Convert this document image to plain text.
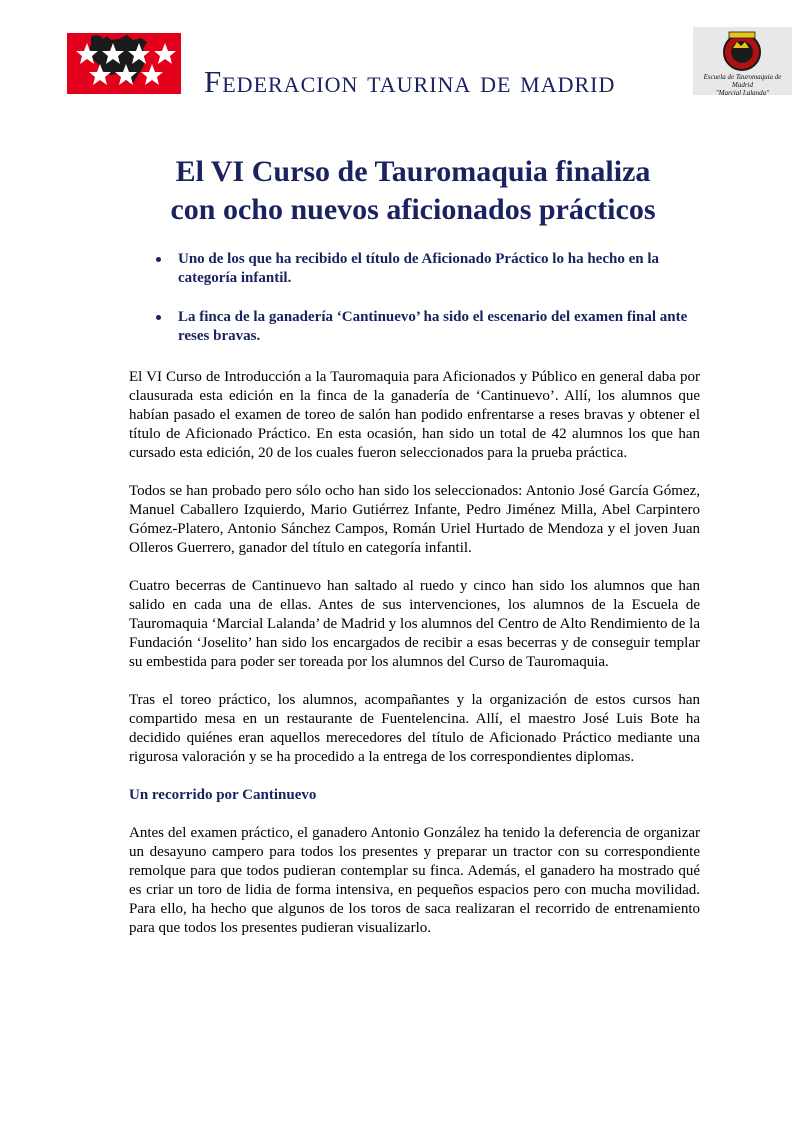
Federacion taurina de madrid	Escuela de Tauromaquia de Madrid
"Marcial Lalanda"
El VI Curso de Tauromaquia finaliza
con ocho nuevos aficionados prácticos
Uno de los que ha recibido el título de Aficionado Práctico lo ha hecho en la categoría infantil.
La finca de la ganadería ‘Cantinuevo’ ha sido el escenario del examen final ante reses bravas.

El VI Curso de Introducción a la Tauromaquia para Aficionados y Público en general daba por clausurada esta edición en la finca de la ganadería de ‘Cantinuevo’. Allí, los alumnos que habían pasado el examen de toreo de salón han podido enfrentarse a reses bravas y obtener el título de Aficionado Práctico. En esta ocasión, han sido un total de 42 alumnos los que han cursado esta edición, 20 de los cuales fueron seleccionados para la prueba práctica.

Todos se han probado pero sólo ocho han sido los seleccionados: Antonio José García Gómez, Manuel Caballero Izquierdo, Mario Gutiérrez Infante, Pedro Jiménez Milla, Abel Carpintero Gómez-Platero, Antonio Sánchez Campos, Román Uriel Hurtado de Mendoza y el joven Juan Olleros Guerrero, ganador del título en categoría infantil.

Cuatro becerras de Cantinuevo han saltado al ruedo y cinco han sido los alumnos que han salido en cada una de ellas. Antes de sus intervenciones, los alumnos de la Escuela de Tauromaquia ‘Marcial Lalanda’ de Madrid y los alumnos del Centro de Alto Rendimiento de la Fundación ‘Joselito’ han sido los encargados de recibir a esas becerras y de conseguir templar su embestida para poder ser toreada por los alumnos del Curso de Tauromaquia.

Tras el toreo práctico, los alumnos, acompañantes y la organización de estos cursos han compartido mesa en un restaurante de Fuentelencina. Allí, el maestro José Luis Bote ha decidido quiénes eran aquellos merecedores del título de Aficionado Práctico mediante una rigurosa valoración y se ha procedido a la entrega de los correspondientes diplomas.

Un recorrido por Cantinuevo

Antes del examen práctico, el ganadero Antonio González ha tenido la deferencia de organizar un desayuno campero para todos los presentes y preparar un tractor con su correspondiente remolque para que todos pudieran contemplar su finca. Además, el ganadero ha mostrado qué es criar un toro de lidia de forma intensiva, en pequeños espacios pero con mucha movilidad. Para ello, ha hecho que algunos de los toros de saca realizaran el recorrido de entrenamiento para que todos los presentes pudieran visualizarlo.
